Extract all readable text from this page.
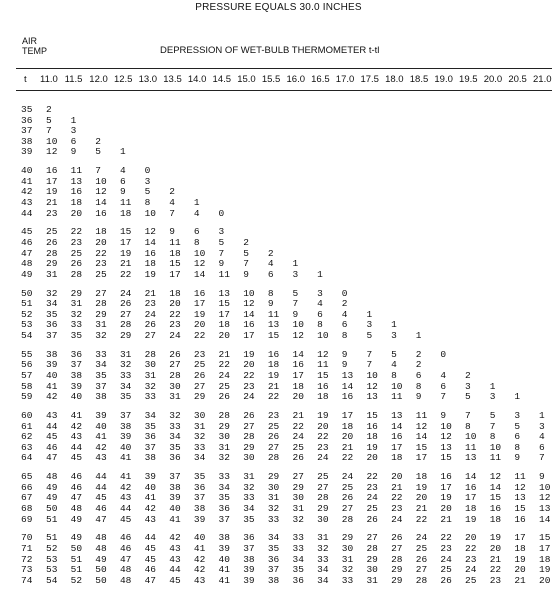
PRESSURE EQUALS 30.0 INCHES
AIR
TEMP	DEPRESSION OF WET-BULB THERMOMETER t-tl
t 11.0 11.5 12.0 12.5 13.0 13.5 14.0 14.5 15.0 15.5 16.0 16.5 17.0 17.5 18.0 18.5 19.0 19.5 20.0 20.5 21.0
35 2
36 5 1
37 7 3
38 10 6 2
39 12 9 5 1
40 16 11 7 4 0
41 17 13 10 6 3
42 19 16 12 9 5 2
43 21 18 14 11 8 4 1
44 23 20 16 18 10 7 4 0
45 25 22 18 15 12 9 6 3
46 26 23 20 17 14 11 8 5 2
47 28 25 22 19 16 18 10 7 5 2
48 29 26 23 21 18 15 12 9 7 4 1
49 31 28 25 22 19 17 14 11 9 6 3 1
50 32 29 27 24 21 18 16 13 10 8 5 3 0
51 34 31 28 26 23 20 17 15 12 9 7 4 2
52 35 32 29 27 24 22 19 17 14 11 9 6 4 1
53 36 33 31 28 26 23 20 18 16 13 10 8 6 3 1
54 37 35 32 29 27 24 22 20 17 15 12 10 8 5 3 1
55 38 36 33 31 28 26 23 21 19 16 14 12 9 7 5 2 0
56 39 37 34 32 30 27 25 22 20 18 16 11 9 7 4 2
57 40 38 35 33 31 28 26 24 22 19 17 15 13 10 8 6 4 2
58 41 39 37 34 32 30 27 25 23 21 18 16 14 12 10 8 6 3 1
59 42 40 38 35 33 31 29 26 24 22 20 18 16 13 11 9 7 5 3 1
60 43 41 39 37 34 32 30 28 26 23 21 19 17 15 13 11 9 7 5 3 1
61 44 42 40 38 35 33 31 29 27 25 22 20 18 16 14 12 10 8 7 5 3
62 45 43 41 39 36 34 32 30 28 26 24 22 20 18 16 14 12 10 8 6 4
63 46 44 42 40 37 35 33 31 29 27 25 23 21 19 17 15 13 11 10 8 6
64 47 45 43 41 38 36 34 32 30 28 26 24 22 20 18 17 15 13 11 9 7
65 48 46 44 41 39 37 35 33 31 29 27 25 24 22 20 18 16 14 12 11 9
66 49 46 44 42 40 38 36 34 32 30 29 27 25 23 21 19 17 16 14 12 10
67 49 47 45 43 41 39 37 35 33 31 30 28 26 24 22 20 19 17 15 13 12
68 50 48 46 44 42 40 38 36 34 32 31 29 27 25 23 21 20 18 16 15 13
69 51 49 47 45 43 41 39 37 35 33 32 30 28 26 24 22 21 19 18 16 14
70 51 49 48 46 44 42 40 38 36 34 33 31 29 27 26 24 22 20 19 17 15
71 52 50 48 46 45 43 41 39 37 35 33 32 30 28 27 25 23 22 20 18 17
72 53 51 49 47 45 43 42 40 38 36 34 33 31 29 28 26 24 23 21 19 18
73 53 51 50 48 46 44 42 41 39 37 35 34 32 30 29 27 25 24 22 20 19
74 54 52 50 48 47 45 43 41 39 38 36 34 33 31 29 28 26 25 23 21 20
